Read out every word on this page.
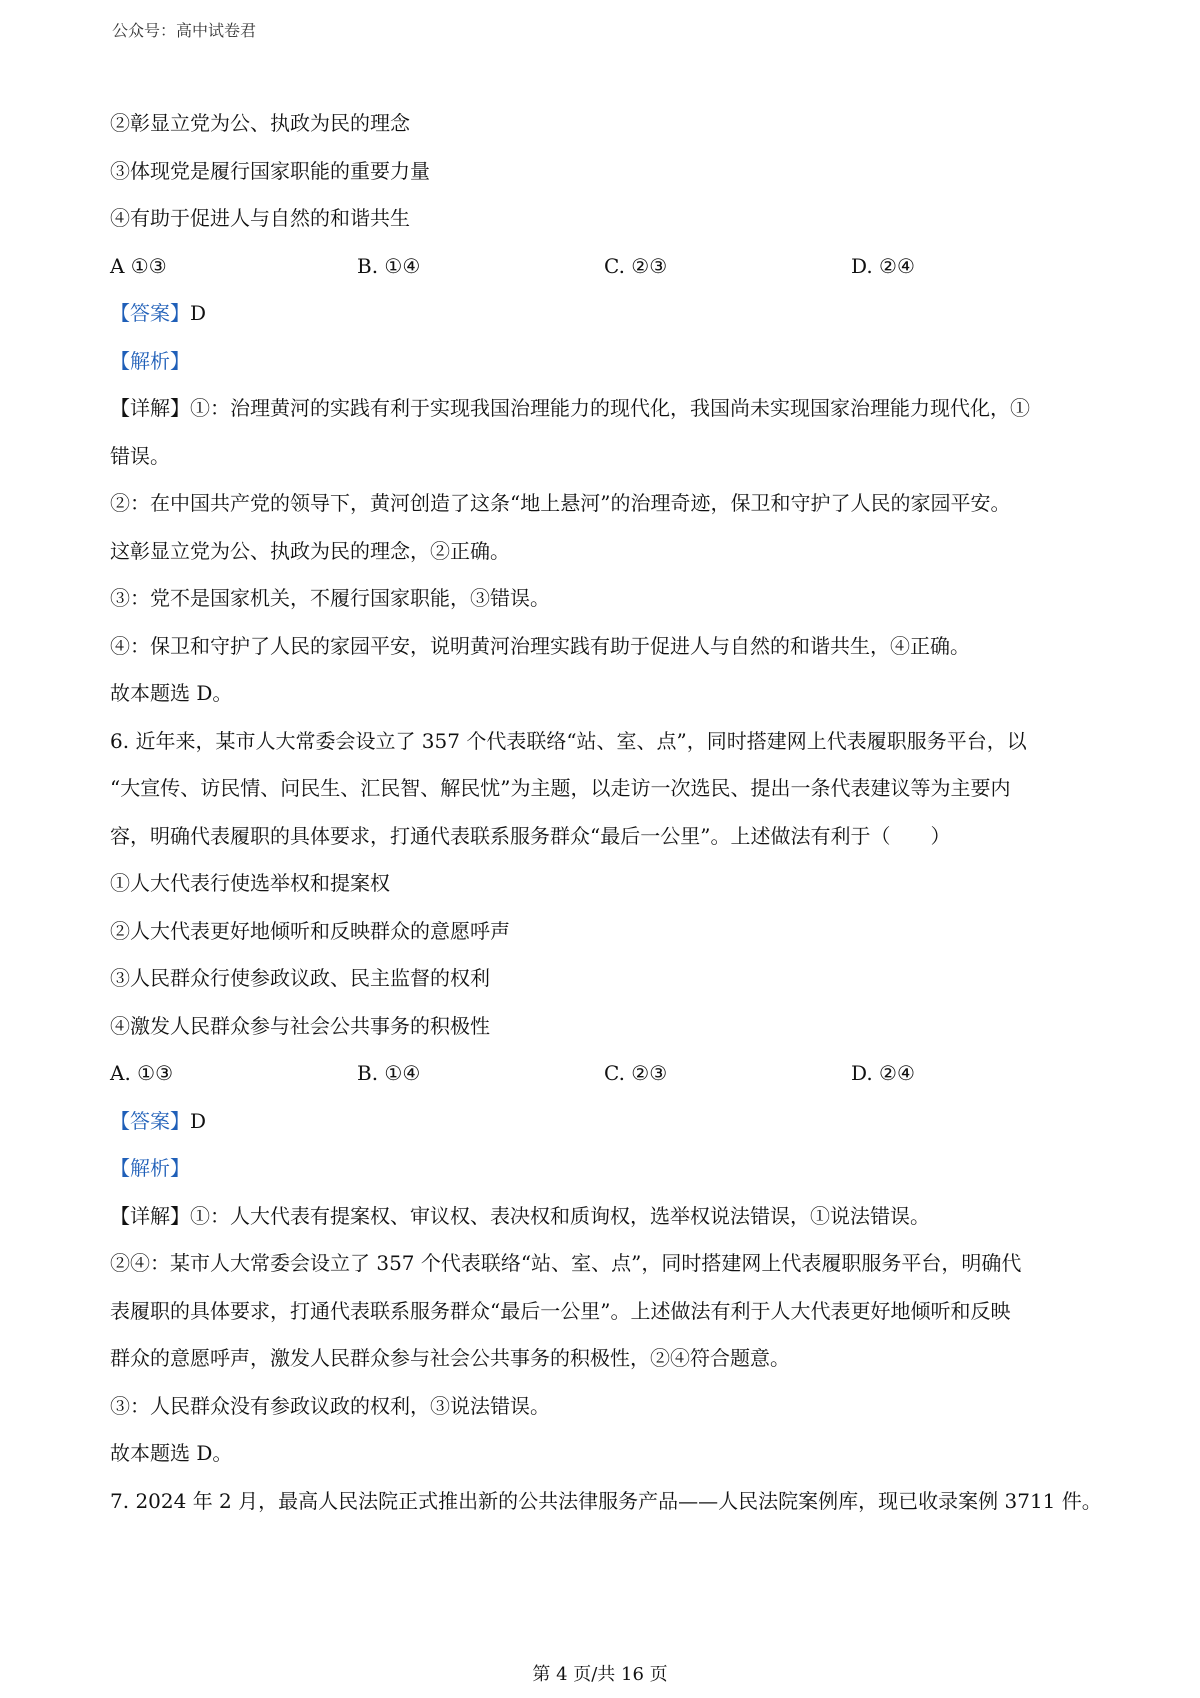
公众号：高中试卷君
②彰显立党为公、执政为民的理念
③体现党是履行国家职能的重要力量
④有助于促进人与自然的和谐共生
A ①③	B. ①④	C. ②③	D. ②④
【答案】D
【解析】
【详解】①：治理黄河的实践有利于实现我国治理能力的现代化，我国尚未实现国家治理能力现代化，①
错误。
②：在中国共产党的领导下，黄河创造了这条“地上悬河”的治理奇迹，保卫和守护了人民的家园平安。
这彰显立党为公、执政为民的理念，②正确。
③：党不是国家机关，不履行国家职能，③错误。
④：保卫和守护了人民的家园平安，说明黄河治理实践有助于促进人与自然的和谐共生，④正确。
故本题选 D。
6. 近年来，某市人大常委会设立了 357 个代表联络“站、室、点”，同时搭建网上代表履职服务平台，以
“大宣传、访民情、问民生、汇民智、解民忧”为主题，以走访一次选民、提出一条代表建议等为主要内
容，明确代表履职的具体要求，打通代表联系服务群众“最后一公里”。上述做法有利于（　　）
①人大代表行使选举权和提案权
②人大代表更好地倾听和反映群众的意愿呼声
③人民群众行使参政议政、民主监督的权利
④激发人民群众参与社会公共事务的积极性
A. ①③	B. ①④	C. ②③	D. ②④
【答案】D
【解析】
【详解】①：人大代表有提案权、审议权、表决权和质询权，选举权说法错误，①说法错误。
②④：某市人大常委会设立了 357 个代表联络“站、室、点”，同时搭建网上代表履职服务平台，明确代
表履职的具体要求，打通代表联系服务群众“最后一公里”。上述做法有利于人大代表更好地倾听和反映
群众的意愿呼声，激发人民群众参与社会公共事务的积极性，②④符合题意。
③：人民群众没有参政议政的权利，③说法错误。
故本题选 D。
7. 2024 年 2 月，最高人民法院正式推出新的公共法律服务产品——人民法院案例库，现已收录案例 3711 件。
第 4 页/共 16 页
